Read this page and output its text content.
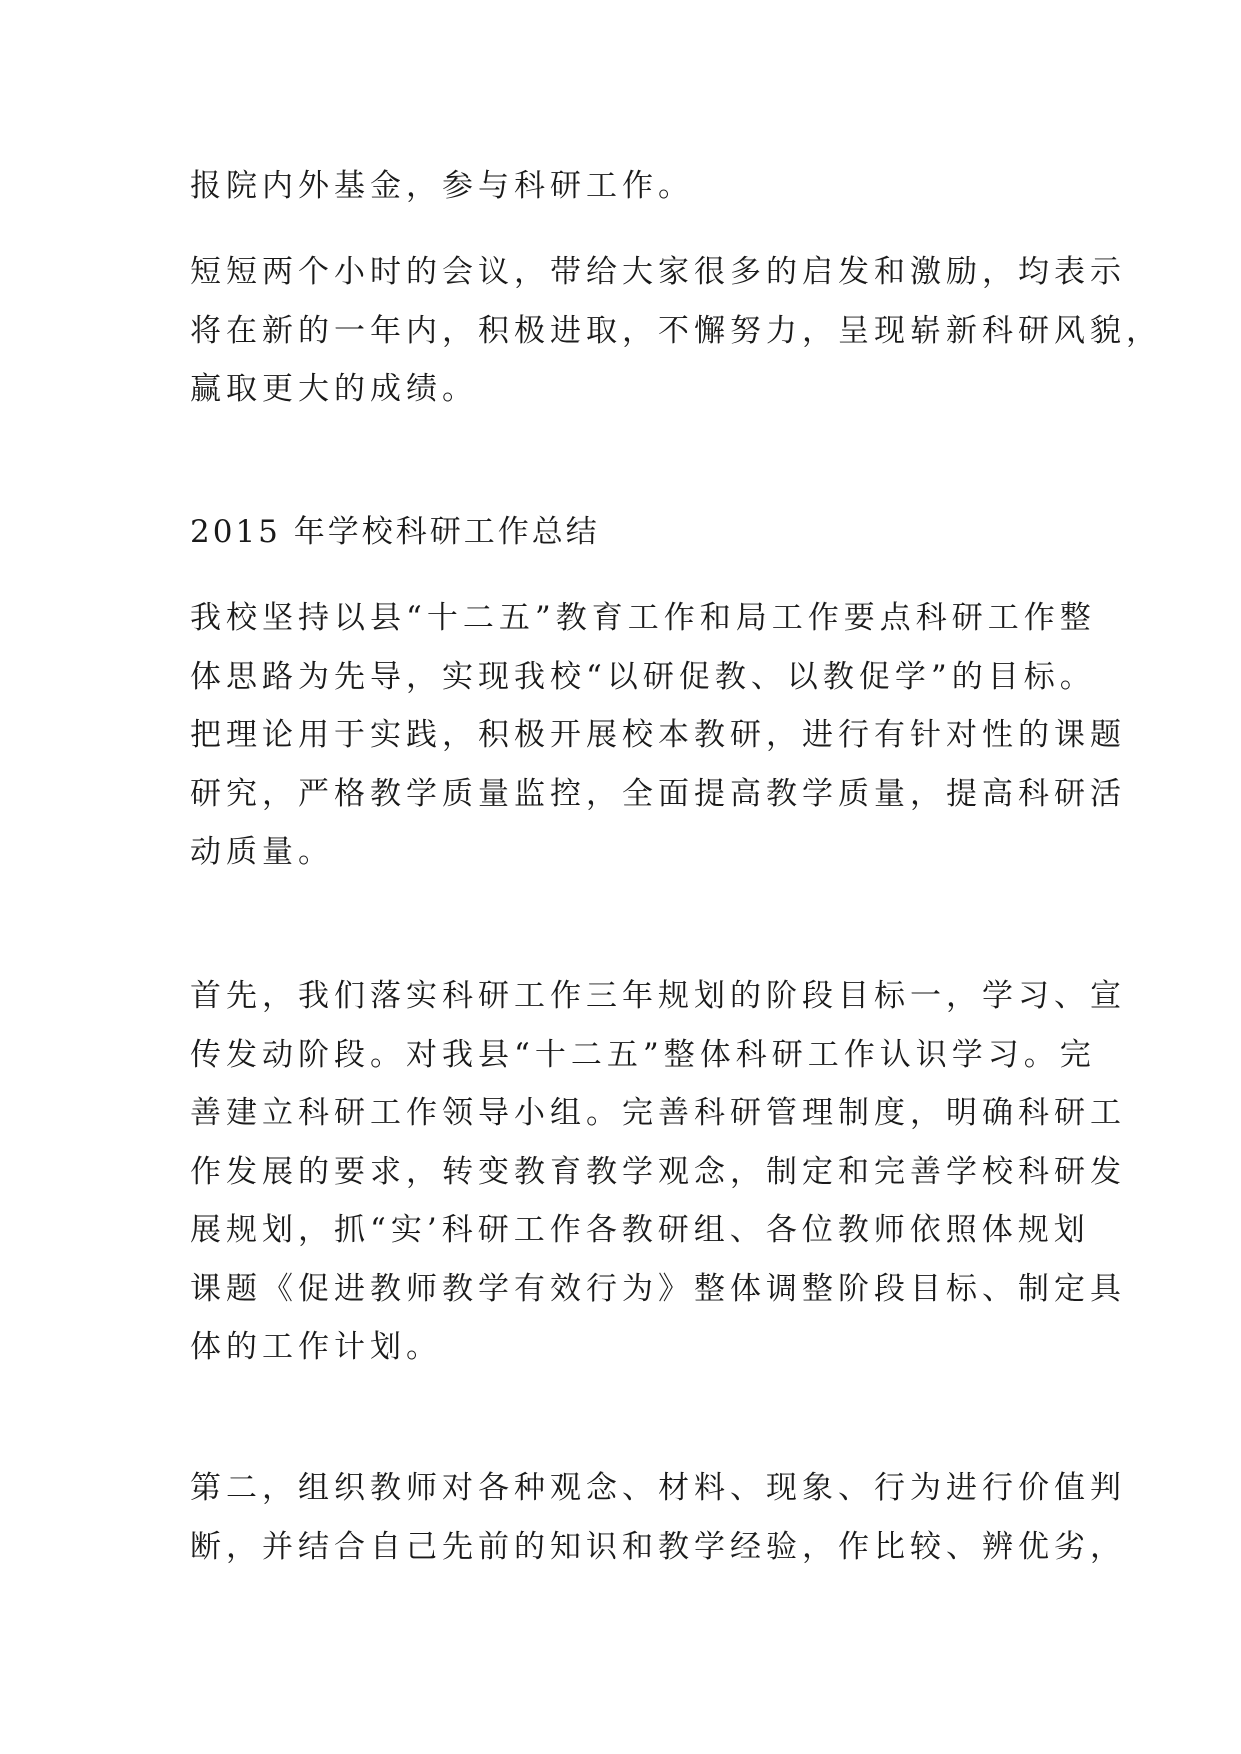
报院内外基金，参与科研工作。
短短两个小时的会议，带给大家很多的启发和激励，均表示
将在新的一年内，积极进取，不懈努力，呈现崭新科研风貌，
赢取更大的成绩。
2015 年学校科研工作总结
我校坚持以县“十二五”教育工作和局工作要点科研工作整
体思路为先导，实现我校“以研促教、以教促学”的目标。
把理论用于实践，积极开展校本教研，进行有针对性的课题
研究，严格教学质量监控，全面提高教学质量，提高科研活
动质量。
首先，我们落实科研工作三年规划的阶段目标一，学习、宣
传发动阶段。对我县“十二五”整体科研工作认识学习。完
善建立科研工作领导小组。完善科研管理制度，明确科研工
作发展的要求，转变教育教学观念，制定和完善学校科研发
展规划，抓“实’科研工作各教研组、各位教师依照体规划
课题《促进教师教学有效行为》整体调整阶段目标、制定具
体的工作计划。
第二，组织教师对各种观念、材料、现象、行为进行价值判
断，并结合自己先前的知识和教学经验，作比较、辨优劣，
